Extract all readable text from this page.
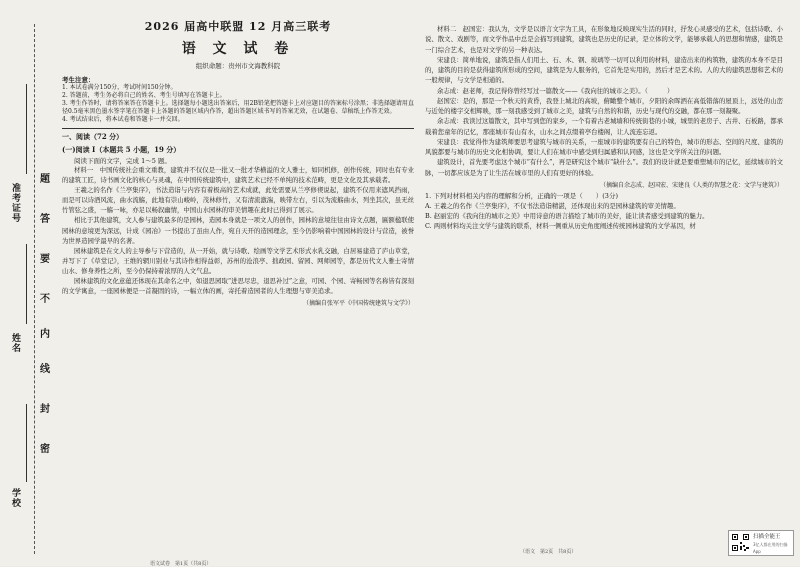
题
答
要
不
内
线
封
密
准考证号
姓名
学校
2026 届高中联盟 12 月高三联考
语 文 试 卷
组织命题：贵州市文海教科院
考生注意：
1. 本试卷满分150分，考试时间150分钟。
2. 答题前，考生务必将自己的姓名、考生号填写在答题卡上。
3. 考生作答时，请将答案答在答题卡上。选择题每小题选出答案后，用2B铅笔把答题卡上对应题目的答案标号涂黑；非选择题请用直径0.5毫米黑色墨水签字笔在答题卡上各题的答题区域内作答，超出答题区域书写的答案无效，在试题卷、草稿纸上作答无效。
4. 考试结束后，将本试卷和答题卡一并交回。
一、阅读（72 分）
(一)阅读 I（本题共 5 小题，19 分）
阅读下面的文字，完成 1～5 题。

材料一　中国传统社会重文重教，建筑并不仅仅是一批又一批才华横溢的文人雅士，如同机修，创作传统，同时也有专业的建筑工匠，诗书画文化的核心与灵魂，在中国传统建筑中，建筑艺术已经不单纯的技术范畴，更是文化及其承载者。

王羲之的名作《兰亭集序》，书法造诣与内容有着极高的艺术成就，此处需要从兰亭修禊说起，建筑不仅用来遮风挡雨，而是可以诗酒风流，曲水流觞，此地有崇山峻岭，茂林修竹，又有清流激湍，映带左右，引以为流觞曲水，列坐其次，虽无丝竹管弦之盛，一觞一咏，亦足以畅叙幽情，中国山水园林的审美情趣在此时已得到了展示。

相比于其他建筑，文人参与建筑最多的是园林，造园本身就是一项文人的创作，园林的意境往往由诗文点题，匾额楹联使园林的意境更为深远，计成《园冶》一书提出了虽由人作，宛自天开的造园理念，至今仍影响着中国园林的设计与营造，被誉为世界造园学最早的名著。

园林建筑是在文人的主导参与下营造的，从一开始，就与诗歌、绘画等文学艺术形式水乳交融，白居易建造了庐山草堂，并写下了《草堂记》，王维的辋川别业与其诗作相得益彰，苏州的沧浪亭、拙政园、留园、网师园等，都是历代文人雅士寄情山水、修身养性之所，至今仍保持着浓厚的人文气息。

园林建筑的文化意蕴还体现在其命名之中，如退思园取“进思尽忠，退思补过”之意，可园、个园、寄畅园等名称皆有深刻的文学寓意，一座园林便是一首凝固的诗，一幅立体的画，寄托着造园者的人生理想与审美追求。

（摘编自张军平《中国传统建筑与文学》）
语文试卷　第1页（共8页）

材料二　赵国宏：我认为，文学是以语言文字为工具，在形象地反映现实生活的同时，抒发心灵感受的艺术，包括诗歌、小说、散文、戏剧等，而文学作品中总是会描写到建筑，建筑也是历史的记录，是立体的文学，能够承载人的思想和情感，建筑是一门综合艺术，也是对文学的另一种表达。

宋建良：简单地说，建筑是指人们用土、石、木、钢、玻璃等一切可以利用的材料，建造出来的构筑物，建筑的本身不是目的，建筑的目的是获得建筑所形成的空间，建筑是为人服务的，它首先是实用的，然后才是艺术的。人的大的建筑思想和艺术的一般规律，与文学是相通的。

余志成：赵老师，我记得你曾经写过一篇散文——《我向往的城市之美》。（　　　）

赵国宏：是的，那是一个秋天的黄昏，我登上城北的高坡，俯瞰整个城市，夕阳的余晖洒在高低错落的屋顶上，远处的山峦与近处的楼宇交相辉映，那一刻我感受到了城市之美，建筑与自然的和谐，历史与现代的交融，都在那一刻凝聚。

余志成：我读过这篇散文，其中写到您的家乡，一个有着古老城墙和传统街巷的小城，城里的老房子、古井、石板路，都承载着您童年的记忆，那座城市有山有水，山水之间点缀着亭台楼阁，让人流连忘返。

宋建良：我觉得作为建筑师要思考建筑与城市的关系，一座城市的建筑要有自己的特色，城市的形态、空间的尺度、建筑的风貌都要与城市的历史文化相协调，要让人们在城市中感受到归属感和认同感，这也是文学所关注的问题。

建筑设计，首先要考虑这个城市“有什么”，再是研究这个城市“缺什么”。我们的设计就是要重塑城市的记忆，延续城市的文脉，一切都应该是为了让生活在城市里的人们有更好的体验。

（摘编自余志成、赵国宏、宋建良《人类的智慧之花：文学与建筑》）
1. 下列对材料相关内容的理解和分析，正确的一项是（　　）(3分)
A. 王羲之的名作《兰亭集序》，不仅书法造诣精湛，还体现出来的是园林建筑的审美情趣。
B. 赵丽宏的《我向往的城市之美》中用诗意的语言描绘了城市的美好，能让读者感受到建筑的魅力。
C. 两则材料均关注文学与建筑的联系，材料一侧重从历史角度阐述传统园林建筑的文学基因，材
（语文　第2页　共8页）
扫描全能王
3亿人都在用的扫描App
